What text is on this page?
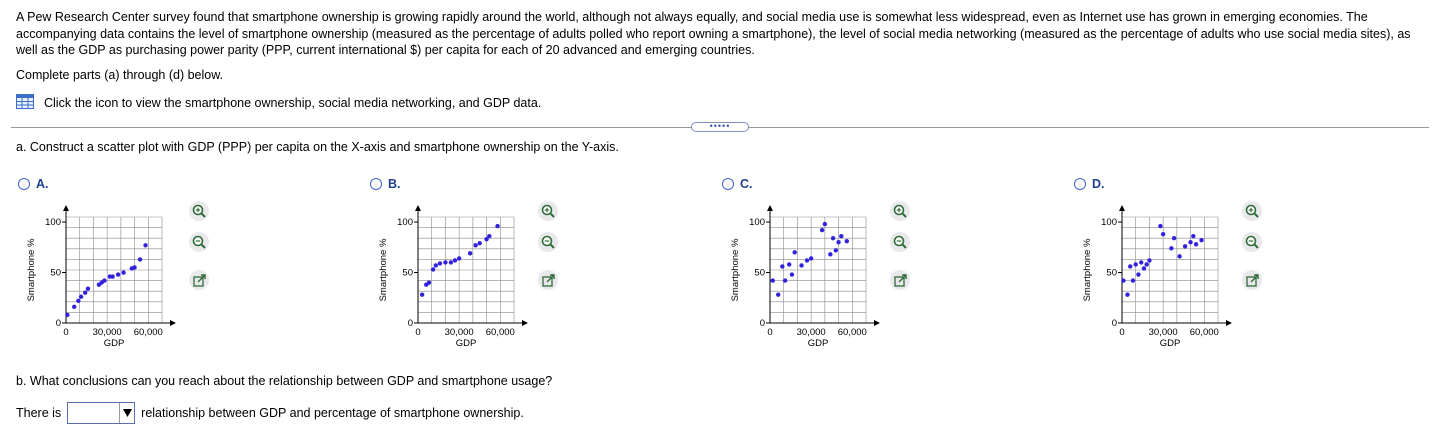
A Pew Research Center survey found that smartphone ownership is growing rapidly around the world, although not always equally, and social media use is somewhat less widespread, even as Internet use has grown in emerging economies. The accompanying data contains the level of smartphone ownership (measured as the percentage of adults polled who report owning a smartphone), the level of social media networking (measured as the percentage of adults who use social media sites), as well as the GDP as purchasing power parity (PPP, current international $) per capita for each of 20 advanced and emerging countries.

Complete parts (a) through (d) below.

Click the icon to view the smartphone ownership, social media networking, and GDP data.
•••••

a. Construct a scatter plot with GDP (PPP) per capita on the X-axis and smartphone ownership on the Y-axis.

A.
0
50
100
0	30,000 60,000
GDP
Smartphone %
B.
0
50
100
0	30,000 60,000
GDP
Smartphone %
C.
0
50
100
0	30,000 60,000
GDP
Smartphone %
D.
0
50
100
0	30,000 60,000
GDP
Smartphone %

b. What conclusions can you reach about the relationship between GDP and smartphone usage?

There is	relationship between GDP and percentage of smartphone ownership.
